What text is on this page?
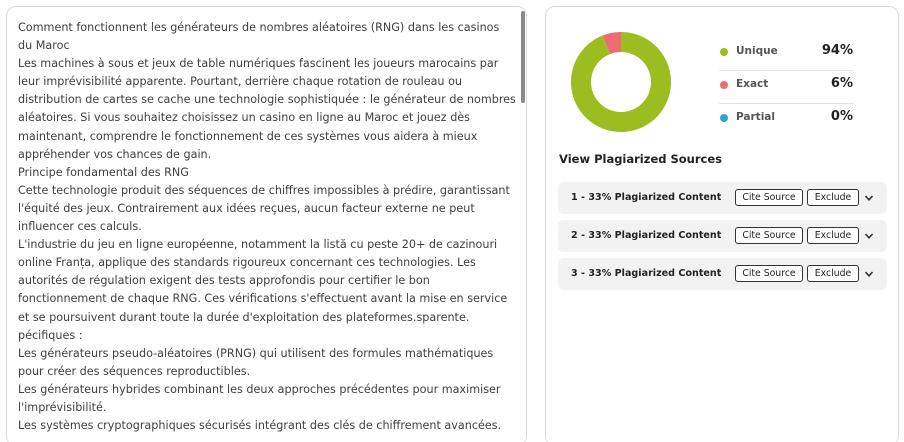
Comment fonctionnent les générateurs de nombres aléatoires (RNG) dans les casinos du Maroc

Les machines à sous et jeux de table numériques fascinent les joueurs marocains par leur imprévisibilité apparente. Pourtant, derrière chaque rotation de rouleau ou distribution de cartes se cache une technologie sophistiquée : le générateur de nombres aléatoires. Si vous souhaitez choisissez un casino en ligne au Maroc et jouez dès maintenant, comprendre le fonctionnement de ces systèmes vous aidera à mieux appréhender vos chances de gain.

Principe fondamental des RNG

Cette technologie produit des séquences de chiffres impossibles à prédire, garantissant l'équité des jeux. Contrairement aux idées reçues, aucun facteur externe ne peut influencer ces calculs.

L'industrie du jeu en ligne européenne, notamment la listă cu peste 20+ de cazinouri online Franța, applique des standards rigoureux concernant ces technologies. Les autorités de régulation exigent des tests approfondis pour certifier le bon fonctionnement de chaque RNG. Ces vérifications s'effectuent avant la mise en service et se poursuivent durant toute la durée d'exploitation des plateformes.sparente.

pécifiques :

Les générateurs pseudo-aléatoires (PRNG) qui utilisent des formules mathématiques pour créer des séquences reproductibles.

Les générateurs hybrides combinant les deux approches précédentes pour maximiser l'imprévisibilité.

Les systèmes cryptographiques sécurisés intégrant des clés de chiffrement avancées.

Unique	94%
Exact	6%
Partial	0%
View Plagiarized Sources
1 - 33% Plagiarized Content	Cite Source	Exclude
2 - 33% Plagiarized Content	Cite Source	Exclude
3 - 33% Plagiarized Content	Cite Source	Exclude
